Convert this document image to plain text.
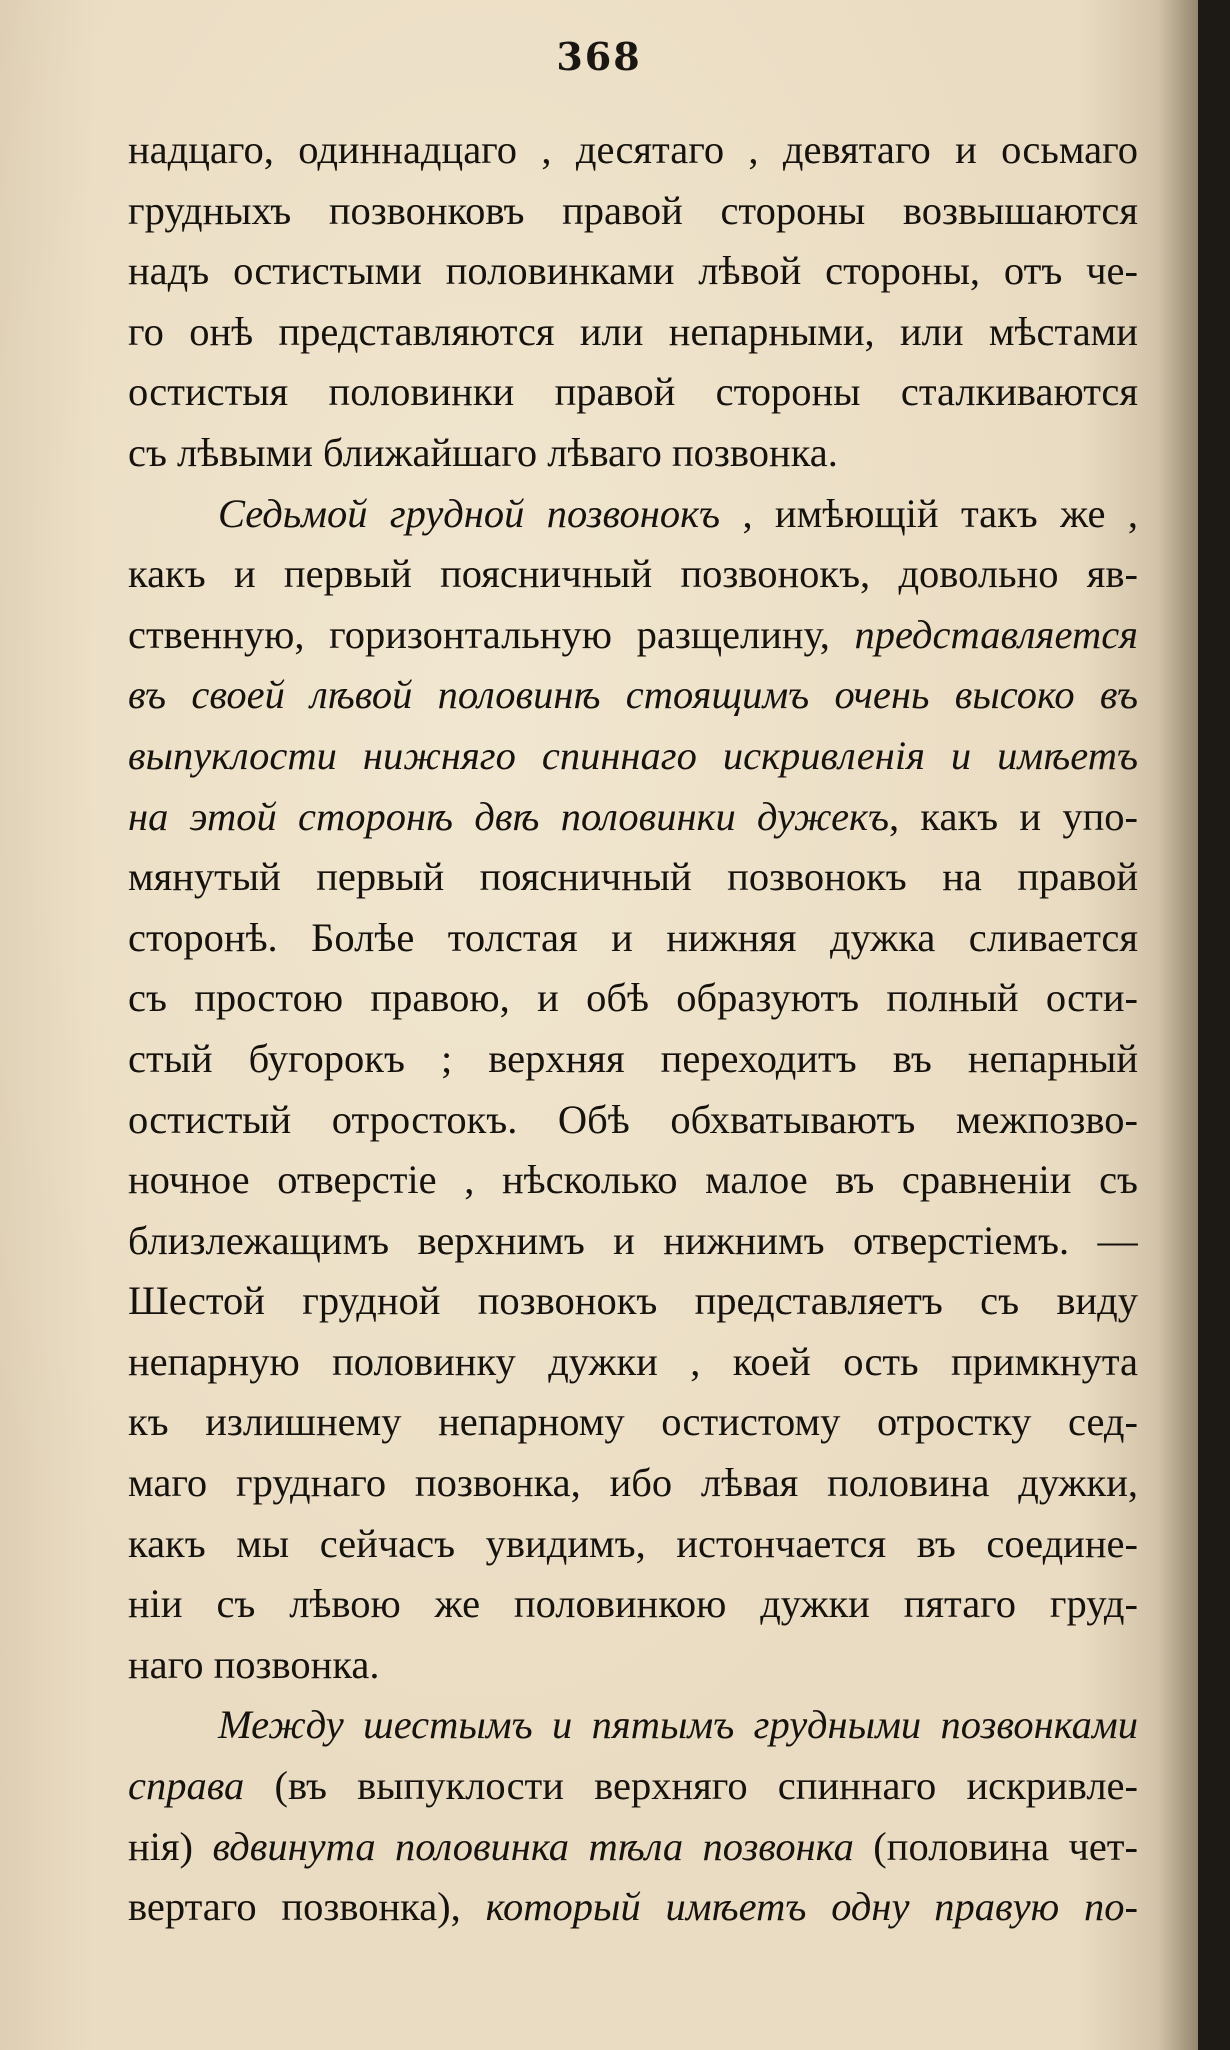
368
надцаго, одиннадцаго , десятаго , девятаго и осьмаго
грудныхъ позвонковъ правой стороны возвышаются
надъ остистыми половинками лѣвой стороны, отъ че-
го онѣ представляются или непарными, или мѣстами
остистыя половинки правой стороны сталкиваются
съ лѣвыми ближайшаго лѣваго позвонка.
Седьмой грудной позвонокъ , имѣющій такъ же ,
какъ и первый поясничный позвонокъ, довольно яв-
ственную, горизонтальную разщелину, представляется
въ своей лѣвой половинѣ стоящимъ очень высоко въ
выпуклости нижняго спиннаго искривленія и имѣетъ
на этой сторонѣ двѣ половинки дужекъ, какъ и упо-
мянутый первый поясничный позвонокъ на правой
сторонѣ. Болѣе толстая и нижняя дужка сливается
съ простою правою, и обѣ образуютъ полный ости-
стый бугорокъ ; верхняя переходитъ въ непарный
остистый отростокъ. Обѣ обхватываютъ межпозво-
ночное отверстіе , нѣсколько малое въ сравненіи съ
близлежащимъ верхнимъ и нижнимъ отверстіемъ. —
Шестой грудной позвонокъ представляетъ съ виду
непарную половинку дужки , коей ость примкнута
къ излишнему непарному остистому отростку сед-
маго груднаго позвонка, ибо лѣвая половина дужки,
какъ мы сейчасъ увидимъ, истончается въ соедине-
ніи съ лѣвою же половинкою дужки пятаго груд-
наго позвонка.
Между шестымъ и пятымъ грудными позвонками
справа (въ выпуклости верхняго спиннаго искривле-
нія) вдвинута половинка тѣла позвонка (половина чет-
вертаго позвонка), который имѣетъ одну правую по-
